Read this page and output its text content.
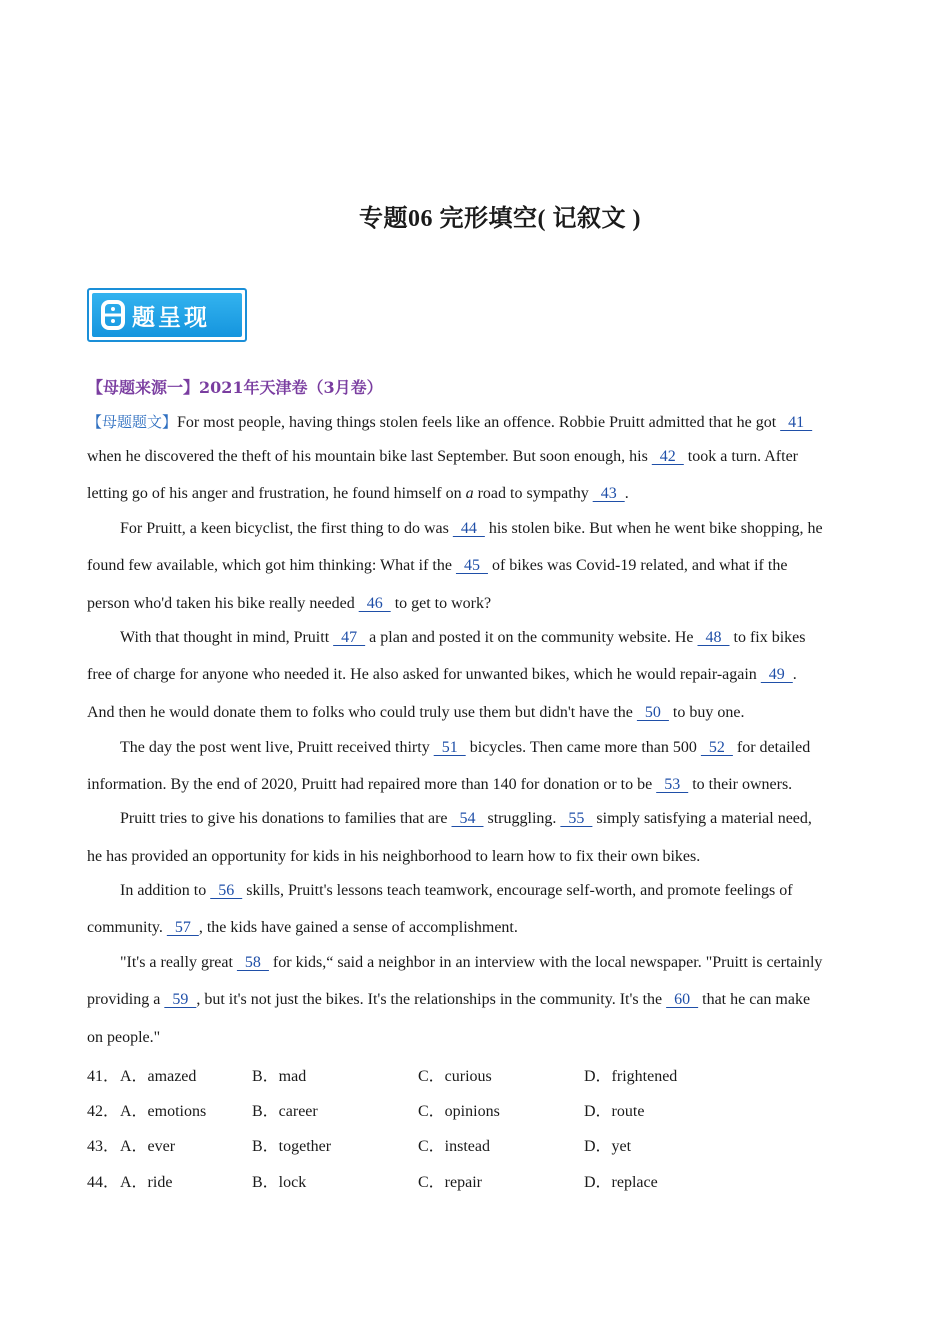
专题06 完形填空( 记叙文 )
题呈现
【母题来源一】2021年天津卷（3月卷）
【母题题文】For most people, having things stolen feels like an offence. Robbie Pruitt admitted that he got   41
when he discovered the theft of his mountain bike last September. But soon enough, his   42   took a turn. After
letting go of his anger and frustration, he found himself on a road to sympathy   43  .
For Pruitt, a keen bicyclist, the first thing to do was   44   his stolen bike. But when he went bike shopping, he
found few available, which got him thinking: What if the   45   of bikes was Covid-19 related, and what if the
person who'd taken his bike really needed   46   to get to work?
With that thought in mind, Pruitt   47   a plan and posted it on the community website. He   48   to fix bikes
free of charge for anyone who needed it. He also asked for unwanted bikes, which he would repair-again   49  .
And then he would donate them to folks who could truly use them but didn't have the   50   to buy one.
The day the post went live, Pruitt received thirty   51   bicycles. Then came more than 500   52   for detailed
information. By the end of 2020, Pruitt had repaired more than 140 for donation or to be   53   to their owners.
Pruitt tries to give his donations to families that are   54   struggling.   55   simply satisfying a material need,
he has provided an opportunity for kids in his neighborhood to learn how to fix their own bikes.
In addition to   56   skills, Pruitt's lessons teach teamwork, encourage self-worth, and promote feelings of
community.   57  , the kids have gained a sense of accomplishment.
"It's a really great   58   for kids,“ said a neighbor in an interview with the local newspaper. "Pruitt is certainly
providing a   59  , but it's not just the bikes. It's the relationships in the community. It's the   60   that he can make
on people."
41． A．amazed	B．mad	C．curious	D．frightened
42． A．emotions	B．career	C．opinions	D．route
43． A．ever	B．together	C．instead	D．yet
44． A．ride	B．lock	C．repair	D．replace
